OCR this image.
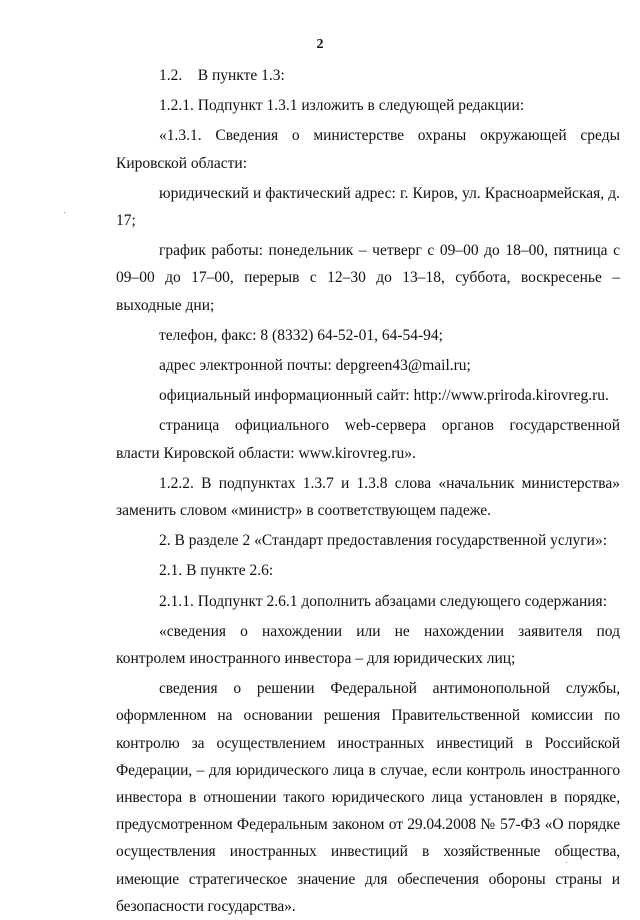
2

1.2.    В пункте 1.3:

1.2.1. Подпункт 1.3.1 изложить в следующей редакции:

«1.3.1. Сведения о министерстве охраны окружающей среды Кировской области:

юридический и фактический адрес: г. Киров, ул. Красноармейская, д. 17;

график работы: понедельник – четверг с 09–00 до 18–00, пятница с 09–00 до 17–00, перерыв с 12–30 до 13–18, суббота, воскресенье – выходные дни;

телефон, факс: 8 (8332) 64-52-01, 64-54-94;

адрес электронной почты: depgreen43@mail.ru;

официальный информационный сайт: http://www.priroda.kirovreg.ru.

страница официального web-сервера органов государственной власти Кировской области: www.kirovreg.ru».

1.2.2. В подпунктах 1.3.7 и 1.3.8 слова «начальник министерства» заменить словом «министр» в соответствующем падеже.

2. В разделе 2 «Стандарт предоставления государственной услуги»:

2.1. В пункте 2.6:

2.1.1. Подпункт 2.6.1 дополнить абзацами следующего содержания:

«сведения о нахождении или не нахождении заявителя под контролем иностранного инвестора – для юридических лиц;

сведения о решении Федеральной антимонопольной службы, оформленном на основании решения Правительственной комиссии по контролю за осуществлением иностранных инвестиций в Российской Федерации, – для юридического лица в случае, если контроль иностранного инвестора в отношении такого юридического лица установлен в порядке, предусмотренном Федеральным законом от 29.04.2008 № 57-ФЗ «О порядке осуществления иностранных инвестиций в хозяйственные общества, имеющие стратегическое значение для обеспечения обороны страны и безопасности государства».
